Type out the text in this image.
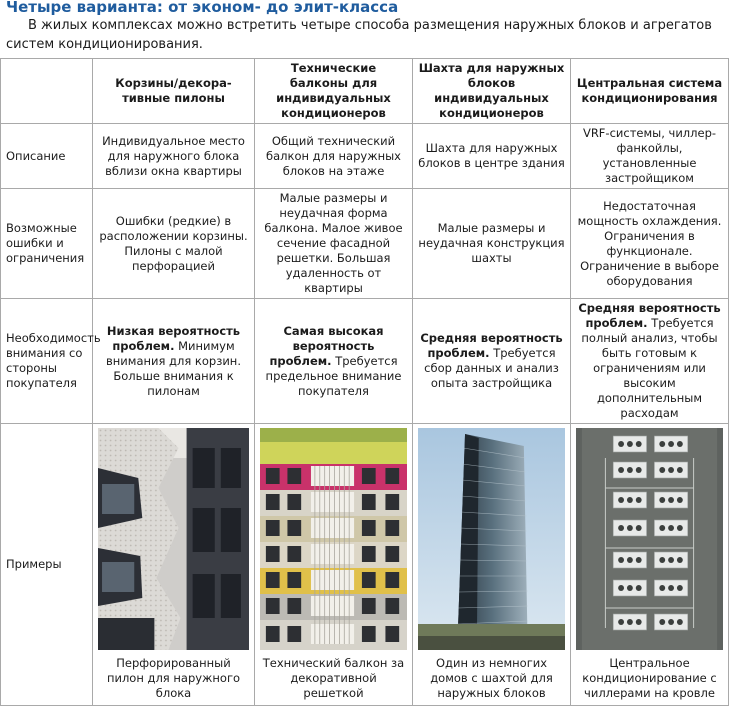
Четыре варианта: от эконом- до элит-класса
В жилых комплексах можно встретить четыре способа размещения наружных блоков и агрегатов систем кондиционирования.
	Корзины/декора-тивные пилоны	Технические балконы для индивидуальных кондиционеров	Шахта для наружных блоков индивидуальных кондиционеров	Центральная система кондиционирования
Описание	Индивидуальное место для наружного блока вблизи окна квартиры	Общий технический балкон для наружных блоков на этаже	Шахта для наружных блоков в центре здания	VRF-системы, чиллер-фанкойлы, установленные застройщиком
Возможные ошибки и ограничения	Ошибки (редкие) в расположении корзины. Пилоны с малой перфорацией	Малые размеры и неудачная форма балкона. Малое живое сечение фасадной решетки. Большая удаленность от квартиры	Малые размеры и неудачная конструкция шахты	Недостаточная мощность охлаждения. Ограничения в функционале. Ограничение в выборе оборудования
Необходимость внимания со стороны покупателя	Низкая вероятность проблем. Минимум внимания для корзин. Больше внимания к пилонам	Самая высокая вероятность проблем. Требуется предельное внимание покупателя	Средняя вероятность проблем. Требуется сбор данных и анализ опыта застройщика	Средняя вероятность проблем. Требуется полный анализ, чтобы быть готовым к ограничениям или высоким дополнительным расходам
Примеры	Перфорированный пилон для наружного блока	Технический балкон за декоративной решеткой	Один из немногих домов с шахтой для наружных блоков	Центральное кондиционирование с чиллерами на кровле
